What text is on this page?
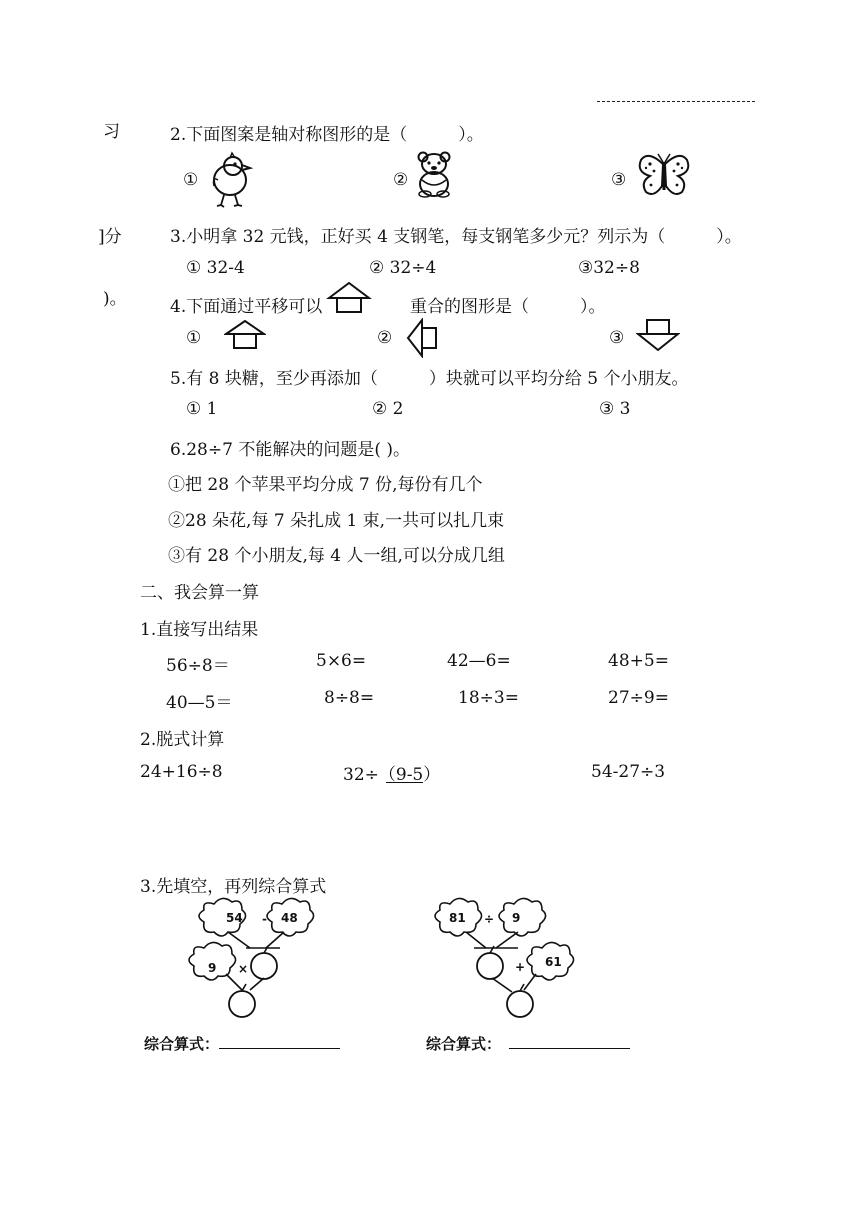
习
]分
)。
2.下面图案是轴对称图形的是（　　　）。
①	②	③
3.小明拿 32 元钱，正好买 4 支钢笔，每支钢笔多少元？列示为（　　　）。
① 32-4	② 32÷4	③32÷8
4.下面通过平移可以	重合的图形是（　　　）。
①	②	③
5.有 8 块糖，至少再添加（　　　）块就可以平均分给 5 个小朋友。
① 1	② 2	③ 3
6.28÷7 不能解决的问题是( )。
①把 28 个苹果平均分成 7 份,每份有几个
②28 朵花,每 7 朵扎成 1 束,一共可以扎几束
③有 28 个小朋友,每 4 人一组,可以分成几组
二、我会算一算
1.直接写出结果
56÷8＝	5×6=	42—6=	48+5=
40—5＝	8÷8=	18÷3=	27÷9=
2.脱式计算
24+16÷8	32÷（9-5）	54-27÷3
3.先填空，再列综合算式
54	48
9
-
×
81	9
61
÷
+
综合算式：	综合算式：
